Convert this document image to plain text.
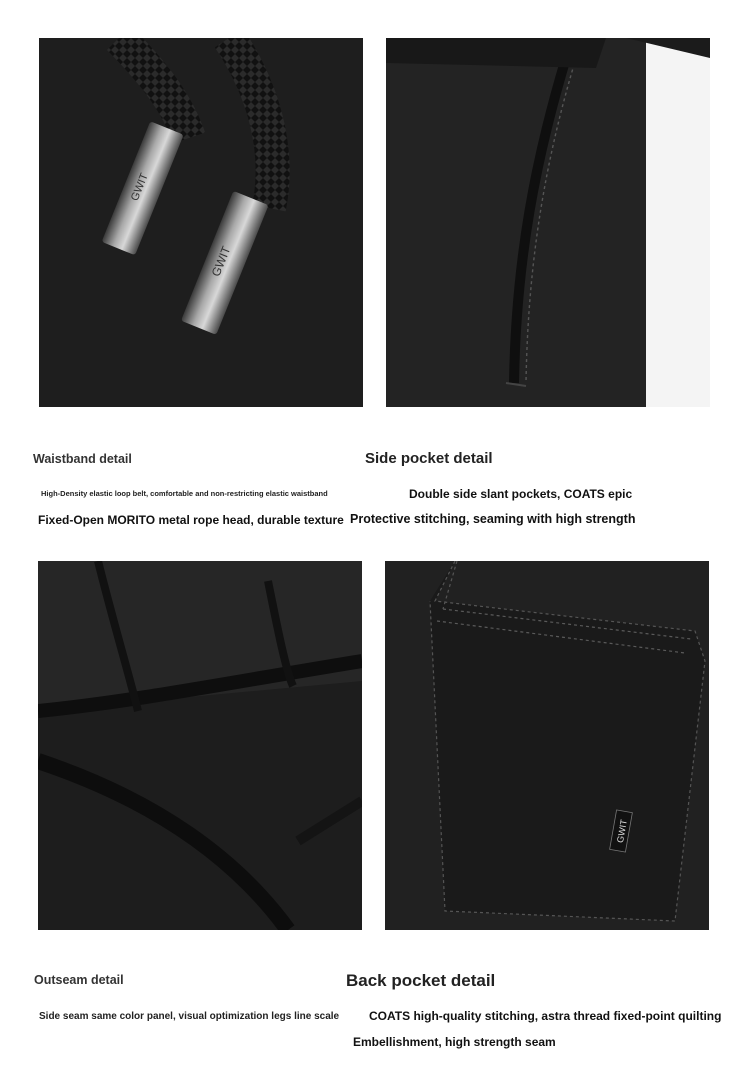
GWIT
GWIT
Waistband detail	Side pocket detail
High-Density elastic loop belt, comfortable and non-restricting elastic waistband	Double side slant pockets, COATS epic
Fixed-Open MORITO metal rope head, durable texture Protective stitching, seaming with high strength
GWIT
Outseam detail	Back pocket detail
Side seam same color panel, visual optimization legs line scale COATS high-quality stitching, astra thread fixed-point quilting
Embellishment, high strength seam
